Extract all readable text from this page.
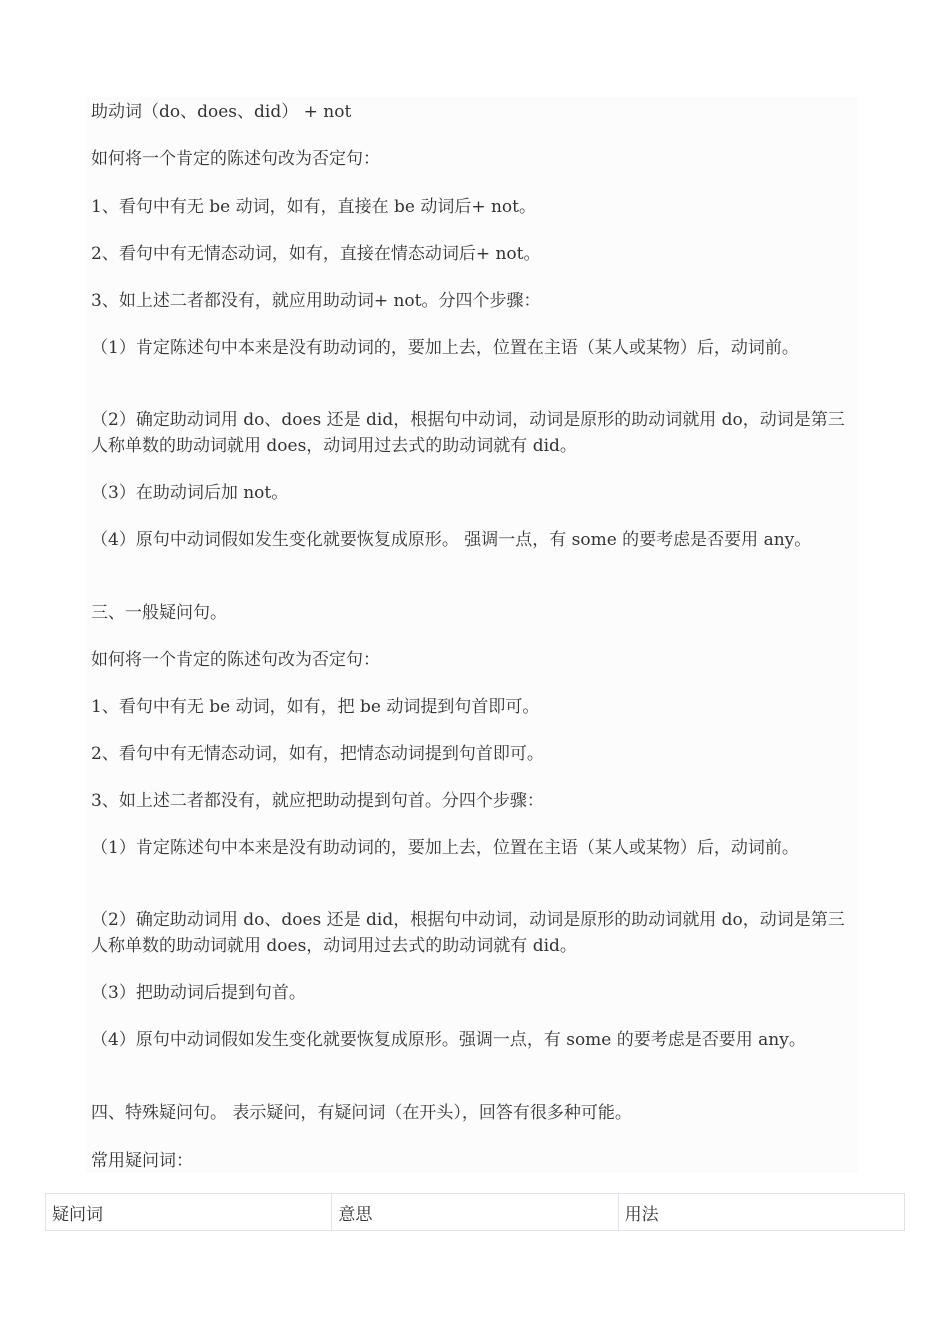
助动词（do、does、did） + not

如何将一个肯定的陈述句改为否定句：

1、看句中有无 be 动词，如有，直接在 be 动词后+ not。

2、看句中有无情态动词，如有，直接在情态动词后+ not。

3、如上述二者都没有，就应用助动词+ not。分四个步骤：

（1）肯定陈述句中本来是没有助动词的，要加上去，位置在主语（某人或某物）后，动词前。

（2）确定助动词用 do、does 还是 did，根据句中动词，动词是原形的助动词就用 do，动词是第三人称单数的助动词就用 does，动词用过去式的助动词就有 did。

（3）在助动词后加 not。

（4）原句中动词假如发生变化就要恢复成原形。 强调一点，有 some 的要考虑是否要用 any。

三、一般疑问句。

如何将一个肯定的陈述句改为否定句：

1、看句中有无 be 动词，如有，把 be 动词提到句首即可。

2、看句中有无情态动词，如有，把情态动词提到句首即可。

3、如上述二者都没有，就应把助动提到句首。分四个步骤：

（1）肯定陈述句中本来是没有助动词的，要加上去，位置在主语（某人或某物）后，动词前。

（2）确定助动词用 do、does 还是 did，根据句中动词，动词是原形的助动词就用 do，动词是第三人称单数的助动词就用 does，动词用过去式的助动词就有 did。

（3）把助动词后提到句首。

（4）原句中动词假如发生变化就要恢复成原形。强调一点，有 some 的要考虑是否要用 any。

四、特殊疑问句。 表示疑问，有疑问词（在开头），回答有很多种可能。

常用疑问词：

疑问词	意思	用法
